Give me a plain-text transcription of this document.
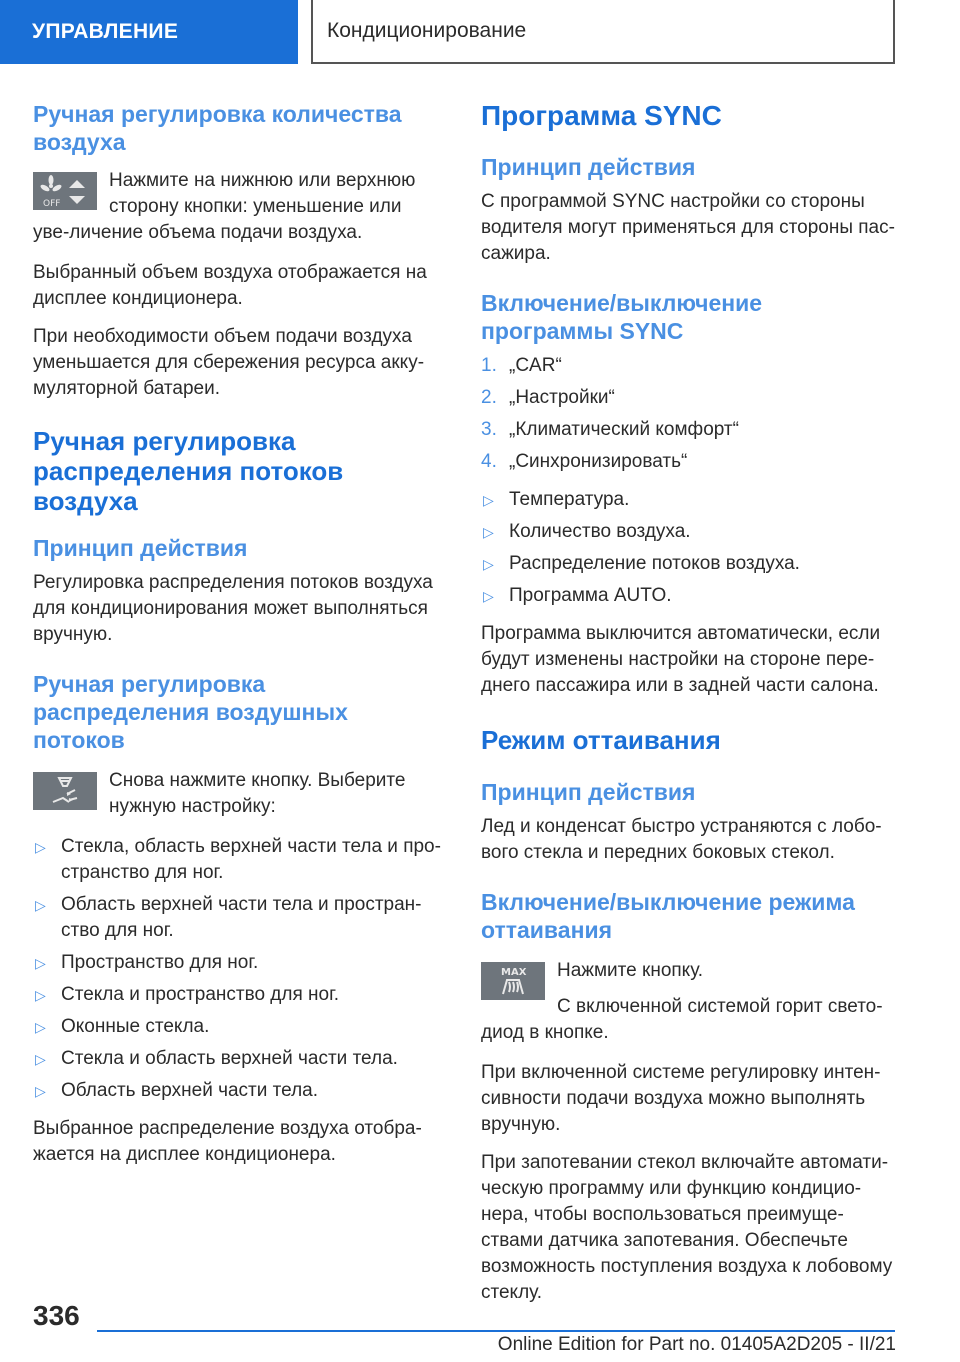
УПРАВЛЕНИЕ	Кондиционирование
Ручная регулировка количества воздуха
OFF
Нажмите на нижнюю или верхнюю сторону кнопки: уменьшение или уве-личение объема подачи воздуха.
Выбранный объем воздуха отображается на дисплее кондиционера.
При необходимости объем подачи воздуха уменьшается для сбережения ресурса акку-муляторной батареи.
Ручная регулировка распределения потоков воздуха
Принцип действия
Регулировка распределения потоков воздуха для кондиционирования может выполняться вручную.
Ручная регулировка распределения воздушных потоков
Снова нажмите кнопку. Выберите нужную настройку:
▷ Стекла, область верхней части тела и про-странство для ног.
▷ Область верхней части тела и простран-ство для ног.
▷ Пространство для ног.
▷ Стекла и пространство для ног.
▷ Оконные стекла.
▷ Стекла и область верхней части тела.
▷ Область верхней части тела.
Выбранное распределение воздуха отобра-жается на дисплее кондиционера.
Программа SYNC
Принцип действия
С программой SYNC настройки со стороны водителя могут применяться для стороны пас-сажира.
Включение/выключение программы SYNC
1. „CAR“
2. „Настройки“
3. „Климатический комфорт“
4. „Синхронизировать“
▷ Температура.
▷ Количество воздуха.
▷ Распределение потоков воздуха.
▷ Программа AUTO.
Программа выключится автоматически, если будут изменены настройки на стороне пере-днего пассажира или в задней части салона.
Режим оттаивания
Принцип действия
Лед и конденсат быстро устраняются с лобо-вого стекла и передних боковых стекол.
Включение/выключение режима оттаивания
MAX	Нажмите кнопку.
С включенной системой горит свето-диод в кнопке.
При включенной системе регулировку интен-сивности подачи воздуха можно выполнять вручную.
При запотевании стекол включайте автомати-ческую программу или функцию кондицио-нера, чтобы воспользоваться преимуще-ствами датчика запотевания. Обеспечьте возможность поступления воздуха к лобовому стеклу.
336
Online Edition for Part no. 01405A2D205 - II/21
